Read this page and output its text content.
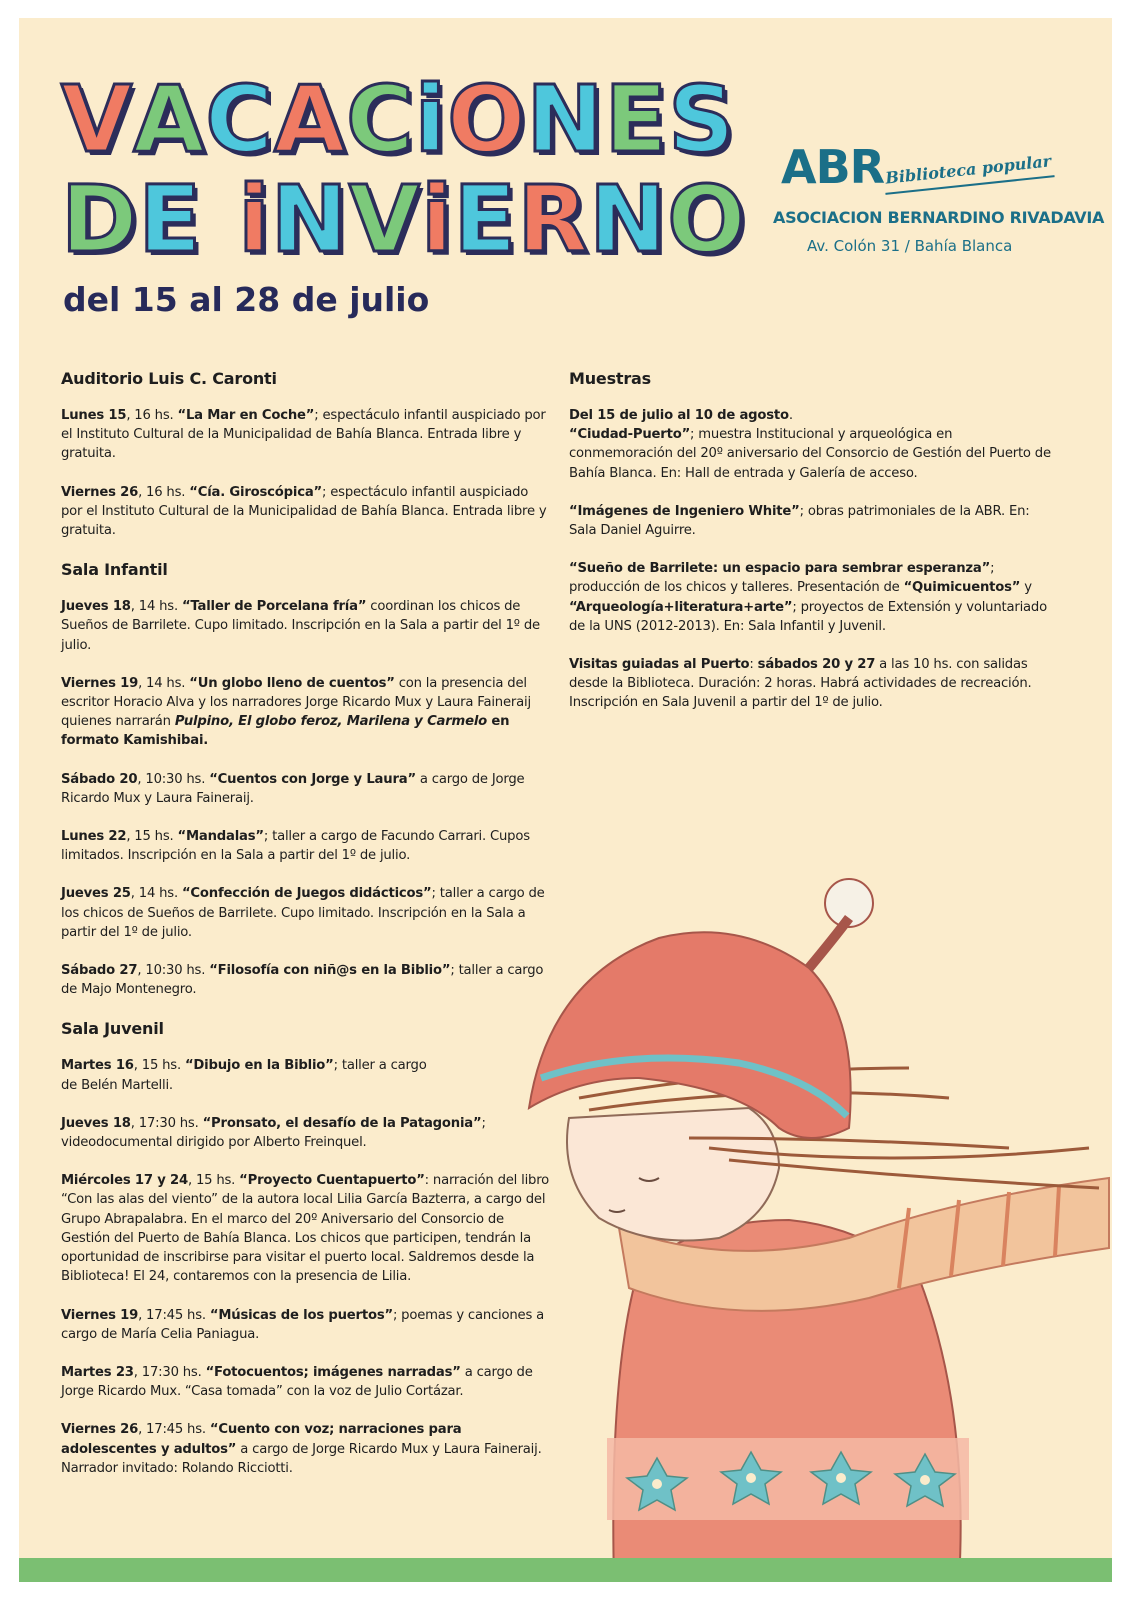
VACACiONES
DE iNViERNO
del 15 al 28 de julio
ABR Biblioteca popular
ASOCIACION BERNARDINO RIVADAVIA
Av. Colón 31 / Bahía Blanca
Auditorio Luis C. Caronti
Lunes 15, 16 hs. “La Mar en Coche”; espectáculo infantil auspiciado por el Instituto Cultural de la Municipalidad de Bahía Blanca. Entrada libre y gratuita.
Viernes 26, 16 hs. “Cía. Giroscópica”; espectáculo infantil auspiciado por el Instituto Cultural de la Municipalidad de Bahía Blanca. Entrada libre y gratuita.
Sala Infantil
Jueves 18, 14 hs. “Taller de Porcelana fría” coordinan los chicos de Sueños de Barrilete. Cupo limitado. Inscripción en la Sala a partir del 1º de julio.
Viernes 19, 14 hs. “Un globo lleno de cuentos” con la presencia del escritor Horacio Alva y los narradores Jorge Ricardo Mux y Laura Faineraij quienes narrarán Pulpino, El globo feroz, Marilena y Carmelo en formato Kamishibai.
Sábado 20, 10:30 hs. “Cuentos con Jorge y Laura” a cargo de Jorge Ricardo Mux y Laura Faineraij.
Lunes 22, 15 hs. “Mandalas”; taller a cargo de Facundo Carrari. Cupos limitados. Inscripción en la Sala a partir del 1º de julio.
Jueves 25, 14 hs. “Confección de Juegos didácticos”; taller a cargo de los chicos de Sueños de Barrilete. Cupo limitado. Inscripción en la Sala a partir del 1º de julio.
Sábado 27, 10:30 hs. “Filosofía con niñ@s en la Biblio”; taller a cargo de Majo Montenegro.
Sala Juvenil
Martes 16, 15 hs. “Dibujo en la Biblio”; taller a cargo de Belén Martelli.
Jueves 18, 17:30 hs. “Pronsato, el desafío de la Patagonia”; videodocumental dirigido por Alberto Freinquel.
Miércoles 17 y 24, 15 hs. “Proyecto Cuentapuerto”: narración del libro “Con las alas del viento” de la autora local Lilia García Bazterra, a cargo del Grupo Abrapalabra. En el marco del 20º Aniversario del Consorcio de Gestión del Puerto de Bahía Blanca. Los chicos que participen, tendrán la oportunidad de inscribirse para visitar el puerto local. Saldremos desde la Biblioteca! El 24, contaremos con la presencia de Lilia.
Viernes 19, 17:45 hs. “Músicas de los puertos”; poemas y canciones a cargo de María Celia Paniagua.
Martes 23, 17:30 hs. “Fotocuentos; imágenes narradas” a cargo de Jorge Ricardo Mux. “Casa tomada” con la voz de Julio Cortázar.
Viernes 26, 17:45 hs. “Cuento con voz; narraciones para adolescentes y adultos” a cargo de Jorge Ricardo Mux y Laura Faineraij. Narrador invitado: Rolando Ricciotti.
Muestras
Del 15 de julio al 10 de agosto.
“Ciudad-Puerto”; muestra Institucional y arqueológica en conmemoración del 20º aniversario del Consorcio de Gestión del Puerto de Bahía Blanca. En: Hall de entrada y Galería de acceso.
“Imágenes de Ingeniero White”; obras patrimoniales de la ABR. En: Sala Daniel Aguirre.
“Sueño de Barrilete: un espacio para sembrar esperanza”; producción de los chicos y talleres. Presentación de “Quimicuentos” y “Arqueología+literatura+arte”; proyectos de Extensión y voluntariado de la UNS (2012-2013). En: Sala Infantil y Juvenil.
Visitas guiadas al Puerto: sábados 20 y 27 a las 10 hs. con salidas desde la Biblioteca. Duración: 2 horas. Habrá actividades de recreación. Inscripción en Sala Juvenil a partir del 1º de julio.
